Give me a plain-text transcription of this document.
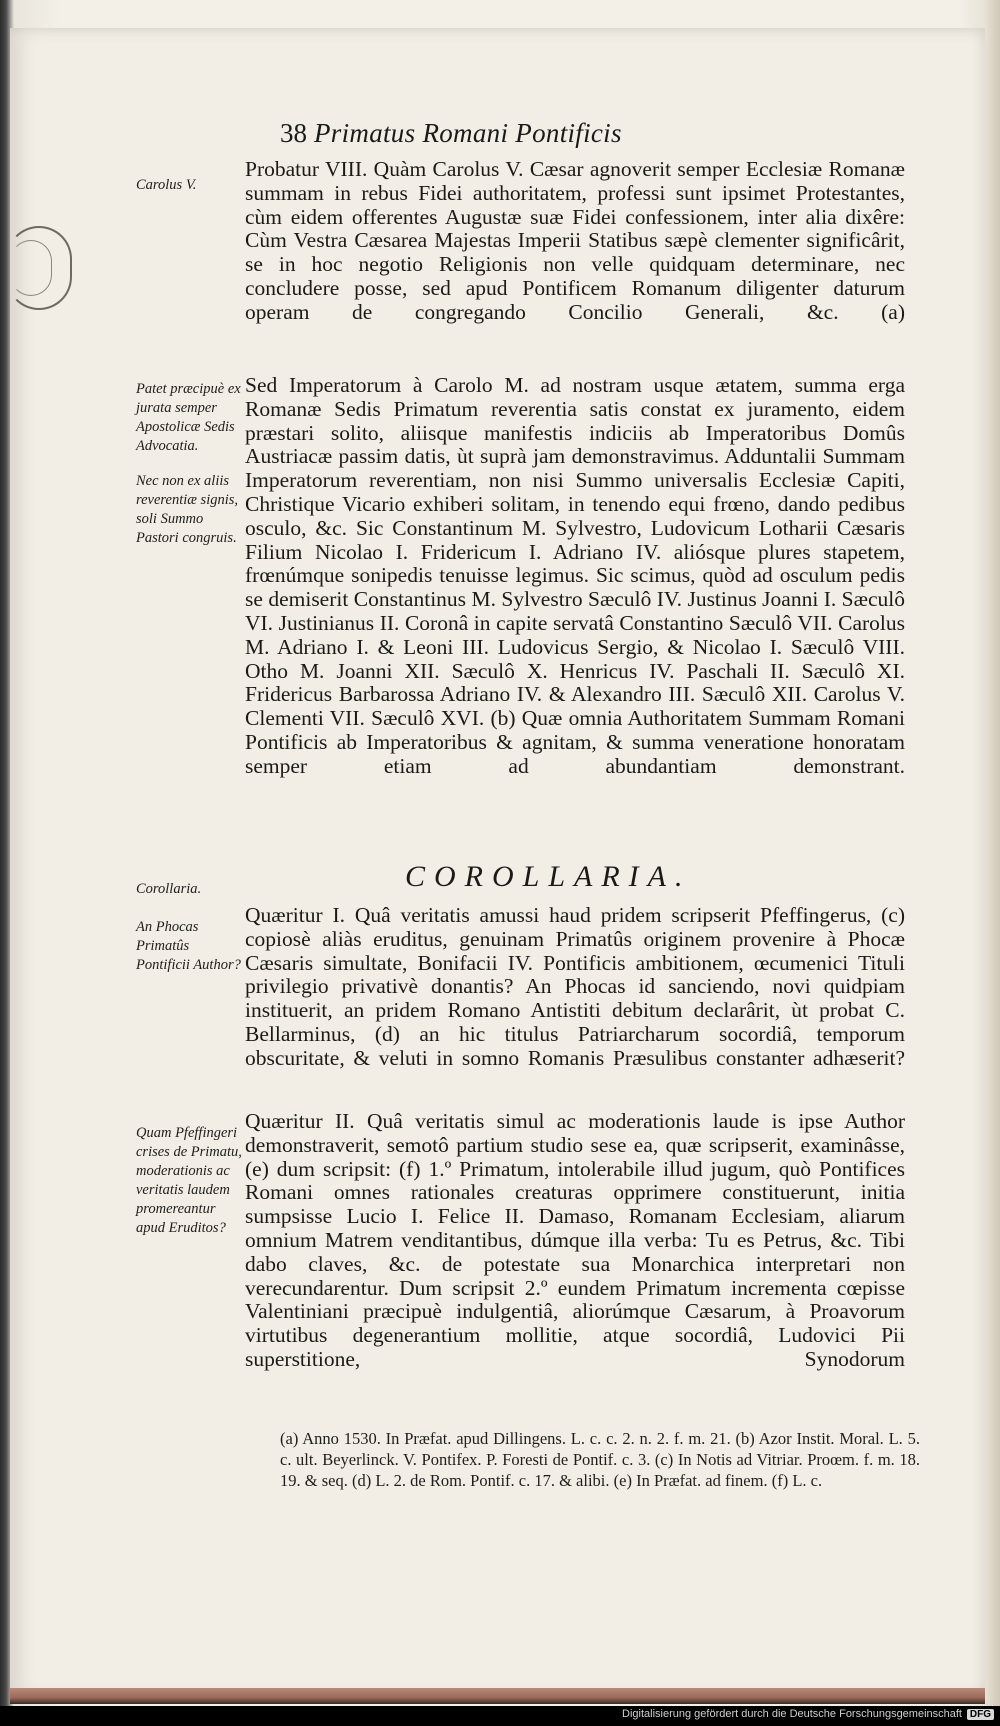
38 Primatus Romani Pontificis
Carolus V.
Patet præcipuè ex jurata semper Apostolicæ Sedis Advocatia.
Nec non ex aliis reverentiæ signis, soli Summo Pastori congruis.
Corollaria.
An Phocas Primatûs Pontificii Author?
Quam Pfeffingeri crises de Primatu, moderationis ac veritatis laudem promereantur apud Eruditos?
Probatur VIII. Quàm Carolus V. Cæsar agnoverit semper Ecclesiæ Romanæ summam in rebus Fidei authoritatem, professi sunt ipsimet Protestantes, cùm eidem offerentes Augustæ suæ Fidei confessionem, inter alia dixêre: Cùm Vestra Cæsarea Majestas Imperii Statibus sæpè clementer significârit, se in hoc negotio Religionis non velle quidquam determinare, nec concludere posse, sed apud Pontificem Romanum diligenter daturum operam de congregando Concilio Generali, &c. (a)
Sed Imperatorum à Carolo M. ad nostram usque ætatem, summa erga Romanæ Sedis Primatum reverentia satis constat ex juramento, eidem præstari solito, aliisque manifestis indiciis ab Imperatoribus Domûs Austriacæ passim datis, ùt suprà jam demonstravimus. Adduntalii Summam Imperatorum reverentiam, non nisi Summo universalis Ecclesiæ Capiti, Christique Vicario exhiberi solitam, in tenendo equi frœno, dando pedibus osculo, &c. Sic Constantinum M. Sylvestro, Ludovicum Lotharii Cæsaris Filium Nicolao I. Fridericum I. Adriano IV. aliósque plures stapetem, frœnúmque sonipedis tenuisse legimus. Sic scimus, quòd ad osculum pedis se demiserit Constantinus M. Sylvestro Sæculô IV. Justinus Joanni I. Sæculô VI. Justinianus II. Coronâ in capite servatâ Constantino Sæculô VII. Carolus M. Adriano I. & Leoni III. Ludovicus Sergio, & Nicolao I. Sæculô VIII. Otho M. Joanni XII. Sæculô X. Henricus IV. Paschali II. Sæculô XI. Fridericus Barbarossa Adriano IV. & Alexandro III. Sæculô XII. Carolus V. Clementi VII. Sæculô XVI. (b) Quæ omnia Authoritatem Summam Romani Pontificis ab Imperatoribus & agnitam, & summa veneratione honoratam semper etiam ad abundantiam demonstrant.
COROLLARIA.
Quæritur I. Quâ veritatis amussi haud pridem scripserit Pfeffingerus, (c) copiosè aliàs eruditus, genuinam Primatûs originem provenire à Phocæ Cæsaris simultate, Bonifacii IV. Pontificis ambitionem, œcumenici Tituli privilegio privativè donantis? An Phocas id sanciendo, novi quidpiam instituerit, an pridem Romano Antistiti debitum declarârit, ùt probat C. Bellarminus, (d) an hic titulus Patriarcharum socordiâ, temporum obscuritate, & veluti in somno Romanis Præsulibus constanter adhæserit?
Quæritur II. Quâ veritatis simul ac moderationis laude is ipse Author demonstraverit, semotô partium studio sese ea, quæ scripserit, examinâsse, (e) dum scripsit: (f) 1.º Primatum, intolerabile illud jugum, quò Pontifices Romani omnes rationales creaturas opprimere constituerunt, initia sumpsisse Lucio I. Felice II. Damaso, Romanam Ecclesiam, aliarum omnium Matrem venditantibus, dúmque illa verba: Tu es Petrus, &c. Tibi dabo claves, &c. de potestate sua Monarchica interpretari non verecundarentur. Dum scripsit 2.º eundem Primatum incrementa cœpisse Valentiniani præcipuè indulgentiâ, aliorúmque Cæsarum, à Proavorum virtutibus degenerantium mollitie, atque socordiâ, Ludovici Pii superstitione, Synodorum
(a) Anno 1530. In Præfat. apud Dillingens. L. c. c. 2. n. 2. f. m. 21. (b) Azor Instit. Moral. L. 5. c. ult. Beyerlinck. V. Pontifex. P. Foresti de Pontif. c. 3. (c) In Notis ad Vitriar. Proœm. f. m. 18. 19. & seq. (d) L. 2. de Rom. Pontif. c. 17. & alibi. (e) In Præfat. ad finem. (f) L. c.
Digitalisierung gefördert durch die Deutsche Forschungsgemeinschaft DFG
